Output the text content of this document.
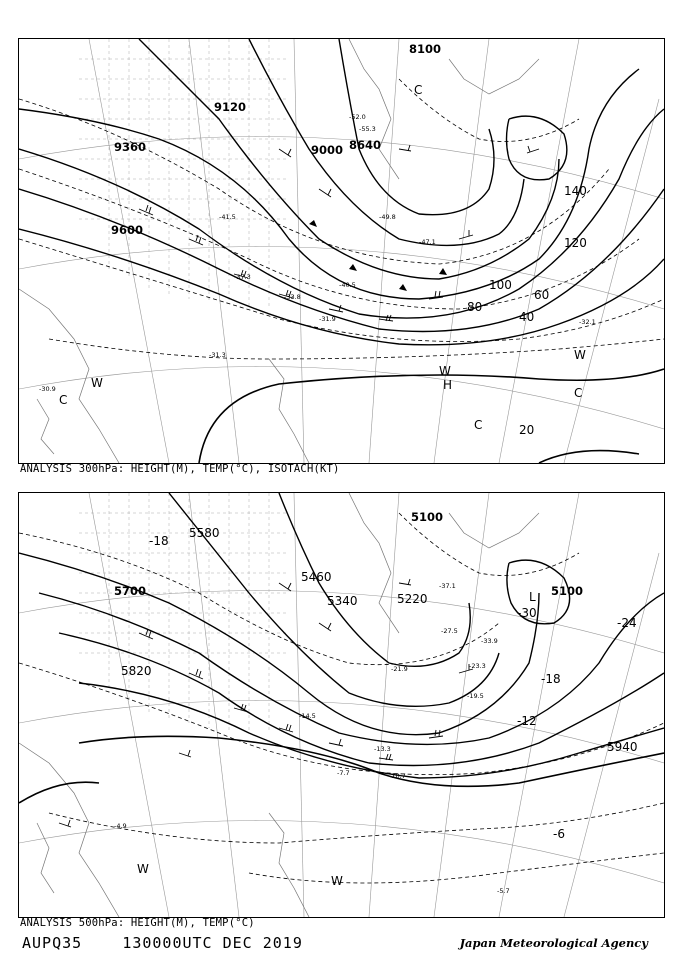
9120
9360
9600
8640
8100
9000
20
40
60
80
100
120
140
C
C
C
W
W
H
W
C
-31.9
-33.8
-41.5
-47.1
-49.8
-52.0
-55.3
-37.3
-30.9
-31.3
-32.1
-40.5
ANALYSIS 300hPa: HEIGHT(M), TEMP(°C), ISOTACH(KT)
5700
5580
5460
5340	5220
5100
5100
5940
5820
-18
-30
-18
-12
-6
-24
L
W
W
-37.1
-33.9
-27.5
-23.3
-19.5
-13.3
-10.7
-7.7
-5.7
-4.9
-21.9
-14.5
ANALYSIS 500hPa: HEIGHT(M), TEMP(°C)
AUPQ35	130000UTC DEC 2019	Japan Meteorological Agency
